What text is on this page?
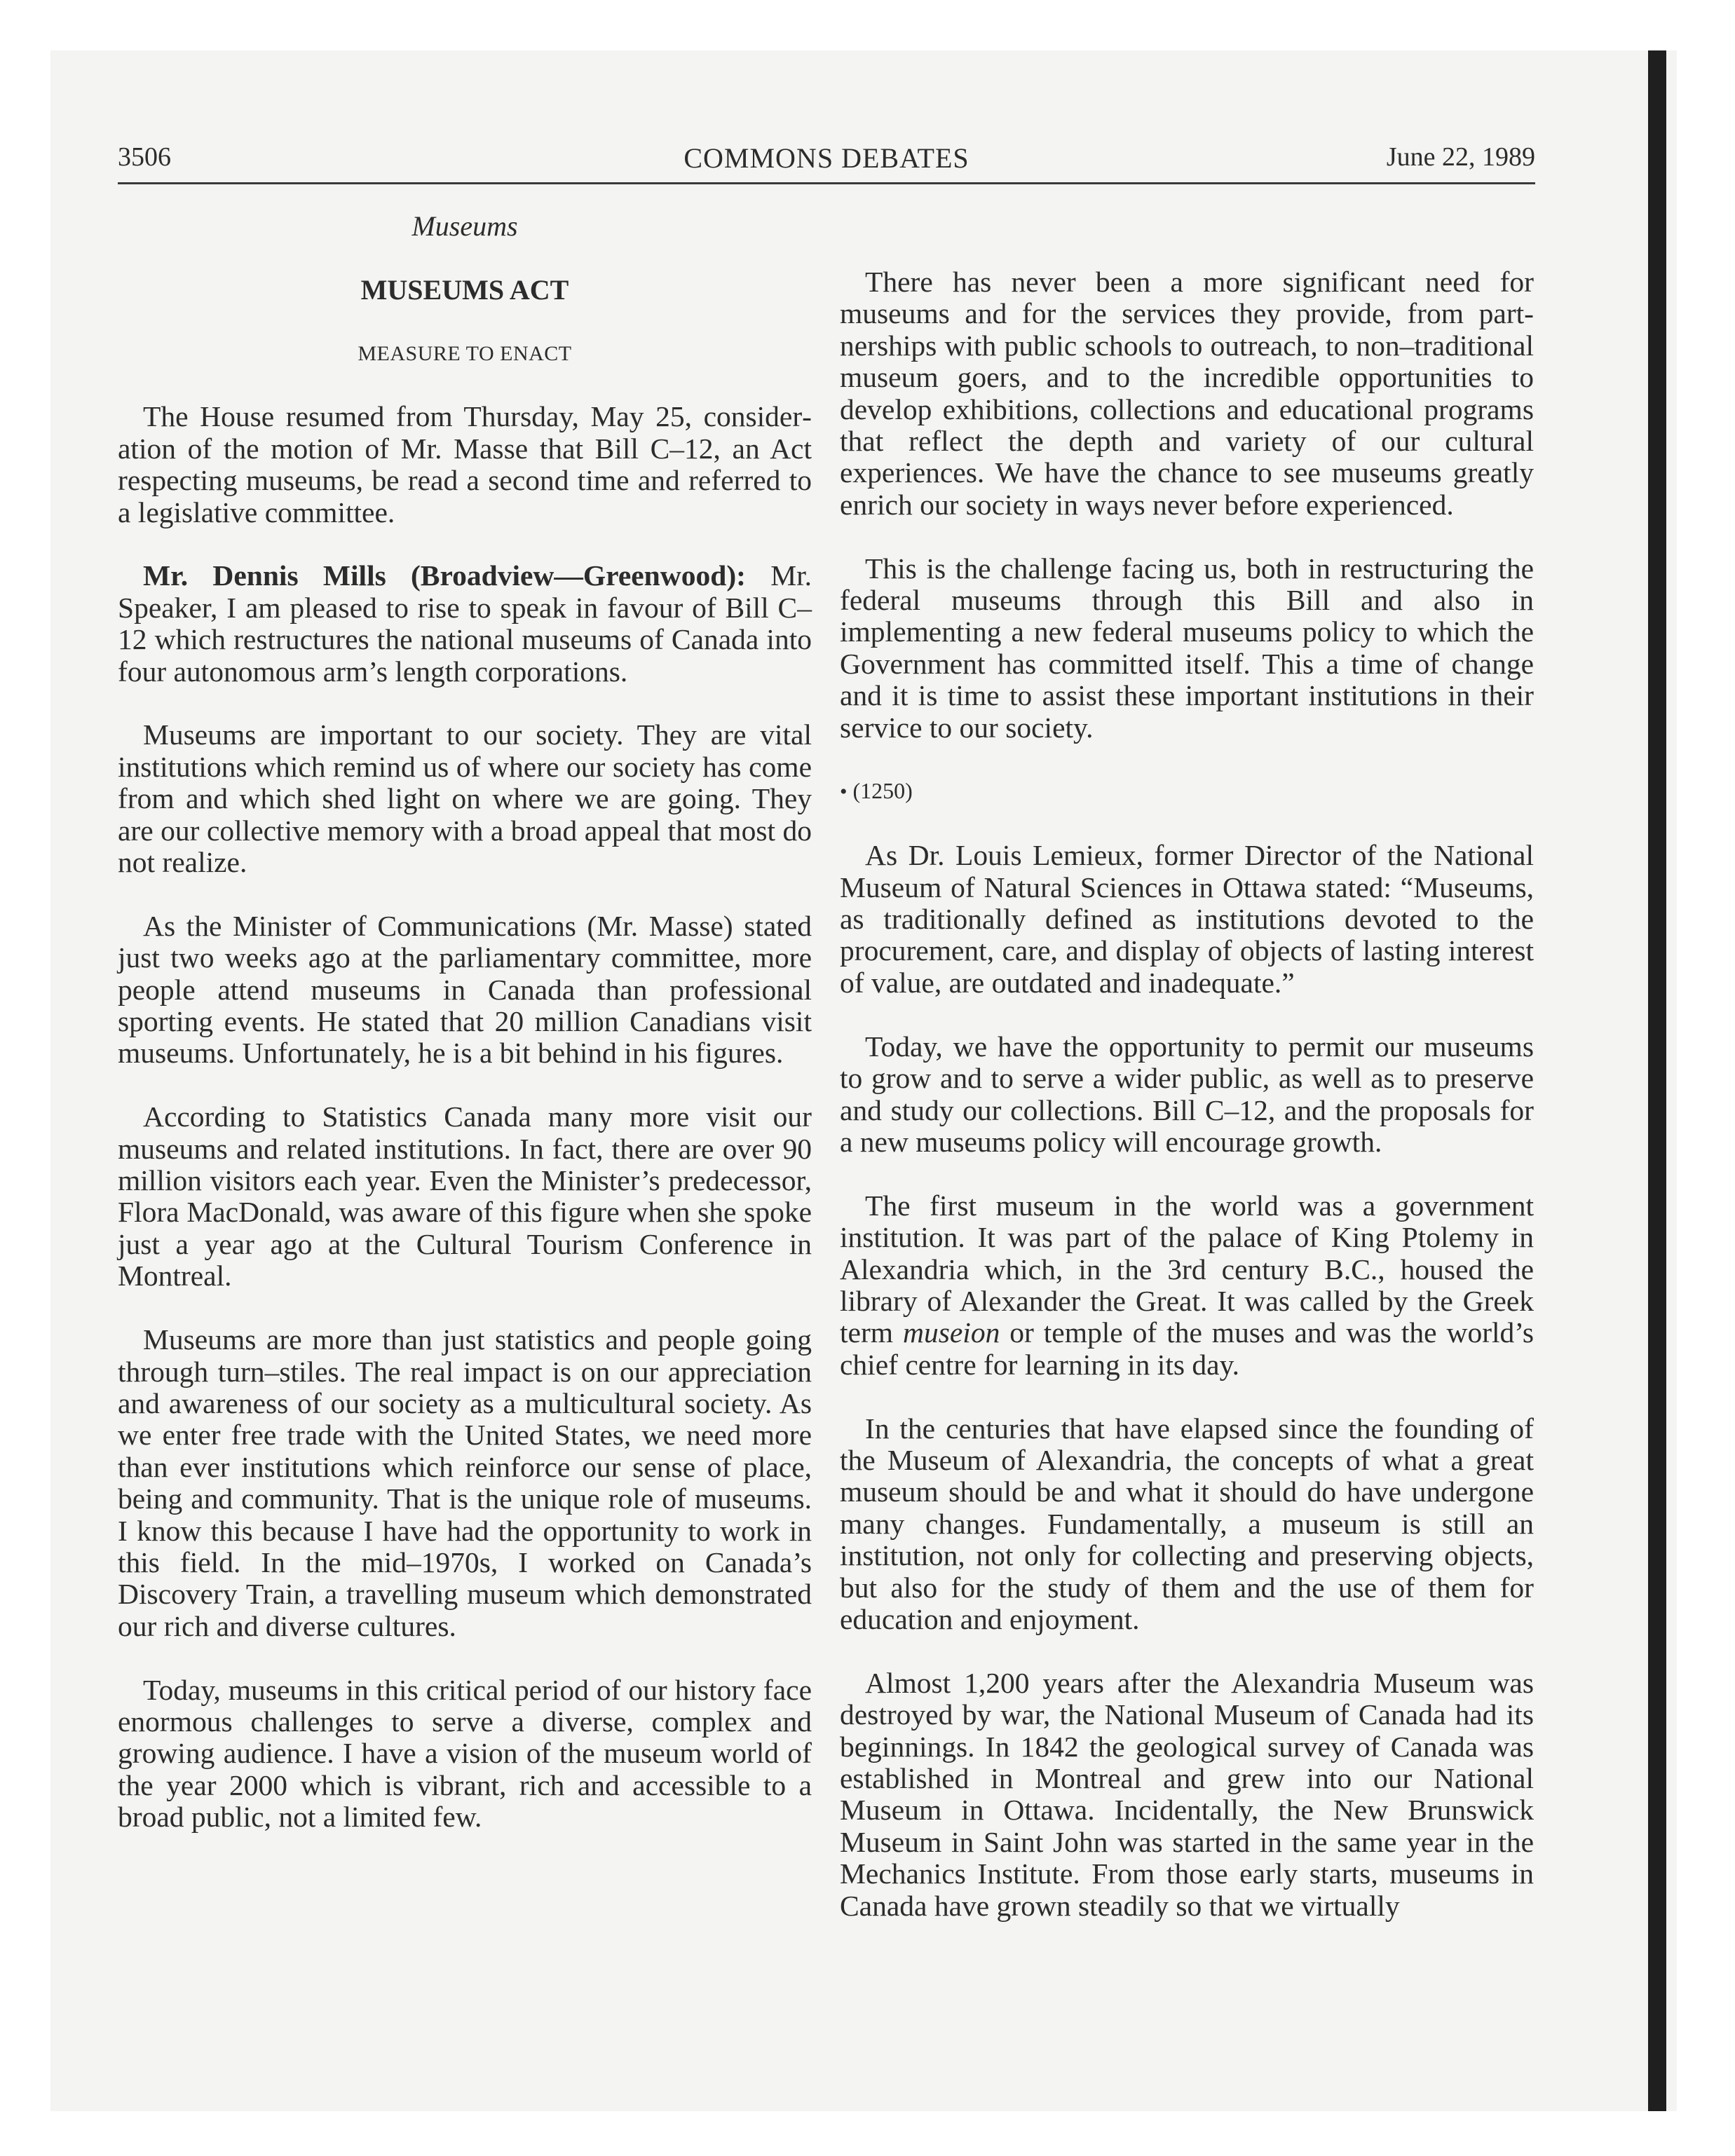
3506	COMMONS DEBATES	June 22, 1989

Museums

MUSEUMS ACT

MEASURE TO ENACT

The House resumed from Thursday, May 25, consideration of the motion of Mr. Masse that Bill C–12, an Act respecting museums, be read a second time and referred to a legislative committee.

Mr. Dennis Mills (Broadview—Greenwood): Mr. Speaker, I am pleased to rise to speak in favour of Bill C–12 which restructures the national museums of Canada into four autonomous arm’s length corporations.

Museums are important to our society. They are vital institutions which remind us of where our society has come from and which shed light on where we are going. They are our collective memory with a broad appeal that most do not realize.

As the Minister of Communications (Mr. Masse) stated just two weeks ago at the parliamentary committee, more people attend museums in Canada than professional sporting events. He stated that 20 million Canadians visit museums. Unfortunately, he is a bit behind in his figures.

According to Statistics Canada many more visit our museums and related institutions. In fact, there are over 90 million visitors each year. Even the Minister’s predecessor, Flora MacDonald, was aware of this figure when she spoke just a year ago at the Cultural Tourism Conference in Montreal.

Museums are more than just statistics and people going through turn–stiles. The real impact is on our appreciation and awareness of our society as a multicultural society. As we enter free trade with the United States, we need more than ever institutions which reinforce our sense of place, being and community. That is the unique role of museums. I know this because I have had the opportunity to work in this field. In the mid–1970s, I worked on Canada’s Discovery Train, a travelling museum which demonstrated our rich and diverse cultures.

Today, museums in this critical period of our history face enormous challenges to serve a diverse, complex and growing audience. I have a vision of the museum world of the year 2000 which is vibrant, rich and accessible to a broad public, not a limited few.

There has never been a more significant need for museums and for the services they provide, from partnerships with public schools to outreach, to non–traditional museum goers, and to the incredible opportunities to develop exhibitions, collections and educational programs that reflect the depth and variety of our cultural experiences. We have the chance to see museums greatly enrich our society in ways never before experienced.

This is the challenge facing us, both in restructuring the federal museums through this Bill and also in implementing a new federal museums policy to which the Government has committed itself. This a time of change and it is time to assist these important institutions in their service to our society.

• (1250)

As Dr. Louis Lemieux, former Director of the National Museum of Natural Sciences in Ottawa stated: “Museums, as traditionally defined as institutions devoted to the procurement, care, and display of objects of lasting interest of value, are outdated and inadequate.”

Today, we have the opportunity to permit our museums to grow and to serve a wider public, as well as to preserve and study our collections. Bill C–12, and the proposals for a new museums policy will encourage growth.

The first museum in the world was a government institution. It was part of the palace of King Ptolemy in Alexandria which, in the 3rd century B.C., housed the library of Alexander the Great. It was called by the Greek term museion or temple of the muses and was the world’s chief centre for learning in its day.

In the centuries that have elapsed since the founding of the Museum of Alexandria, the concepts of what a great museum should be and what it should do have undergone many changes. Fundamentally, a museum is still an institution, not only for collecting and preserving objects, but also for the study of them and the use of them for education and enjoyment.

Almost 1,200 years after the Alexandria Museum was destroyed by war, the National Museum of Canada had its beginnings. In 1842 the geological survey of Canada was established in Montreal and grew into our National Museum in Ottawa. Incidentally, the New Brunswick Museum in Saint John was started in the same year in the Mechanics Institute. From those early starts, museums in Canada have grown steadily so that we virtually
